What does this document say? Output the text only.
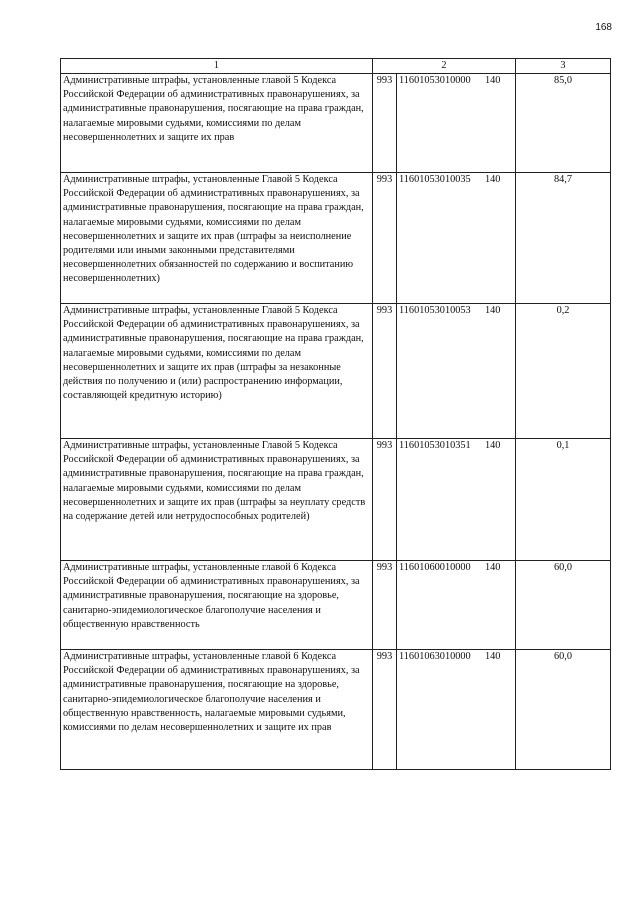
168
1	2		3
Административные штрафы, установленные главой 5 Кодекса Российской Федерации об административных правонарушениях, за административные правонарушения, посягающие на права граждан, налагаемые мировыми судьями, комиссиями по делам несовершеннолетних и защите их прав	993	11601053010000 140	85,0
Административные штрафы, установленные Главой 5 Кодекса Российской Федерации об административных правонарушениях, за административные правонарушения, посягающие на права граждан, налагаемые мировыми судьями, комиссиями по делам несовершеннолетних и защите их прав (штрафы за неисполнение родителями или иными законными представителями несовершеннолетних обязанностей по содержанию и воспитанию несовершеннолетних)	993	11601053010035 140	84,7
Административные штрафы, установленные Главой 5 Кодекса Российской Федерации об административных правонарушениях, за административные правонарушения, посягающие на права граждан, налагаемые мировыми судьями, комиссиями по делам несовершеннолетних и защите их прав (штрафы за незаконные действия по получению и (или) распространению информации, составляющей кредитную историю)	993	11601053010053 140	0,2
Административные штрафы, установленные Главой 5 Кодекса Российской Федерации об административных правонарушениях, за административные правонарушения, посягающие на права граждан, налагаемые мировыми судьями, комиссиями по делам несовершеннолетних и защите их прав (штрафы за неуплату средств на содержание детей или нетрудоспособных родителей)	993	11601053010351 140	0,1
Административные штрафы, установленные главой 6 Кодекса Российской Федерации об административных правонарушениях, за административные правонарушения, посягающие на здоровье, санитарно-эпидемиологическое благополучие населения и общественную нравственность	993	11601060010000 140	60,0
Административные штрафы, установленные главой 6 Кодекса Российской Федерации об административных правонарушениях, за административные правонарушения, посягающие на здоровье, санитарно-эпидемиологическое благополучие населения и общественную нравственность, налагаемые мировыми судьями, комиссиями по делам несовершеннолетних и защите их прав	993	11601063010000 140	60,0
